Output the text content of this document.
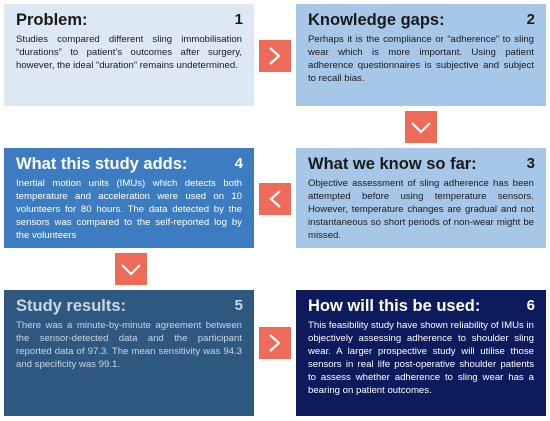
1
Problem:

Studies compared different sling immobilisation “durations” to patient’s outcomes after surgery, however, the ideal “duration” remains undetermined.

2
Knowledge gaps:

Perhaps it is the compliance or “adherence” to sling wear which is more important. Using patient adherence questionnaires is subjective and subject to recall bias.

3
What we know so far:

Objective assessment of sling adherence has been attempted before using temperature sensors. However, temperature changes are gradual and not instantaneous so short periods of non-wear might be missed.

4
What this study adds:

Inertial motion units (IMUs) which detects both temperature and acceleration were used on 10 volunteers for 80 hours. The data detected by the sensors was compared to the self-reported log by the volunteers

5
Study results:

There was a minute-by-minute agreement between the sensor-detected data and the participant reported data of 97.3. The mean sensitivity was 94.3 and specificity was 99.1.

6
How will this be used:

This feasibility study have shown reliability of IMUs in objectively assessing adherence to shoulder sling wear. A larger prospective study will utilise those sensors in real life post-operative shoulder patients to assess whether adherence to sling wear has a bearing on patient outcomes.
